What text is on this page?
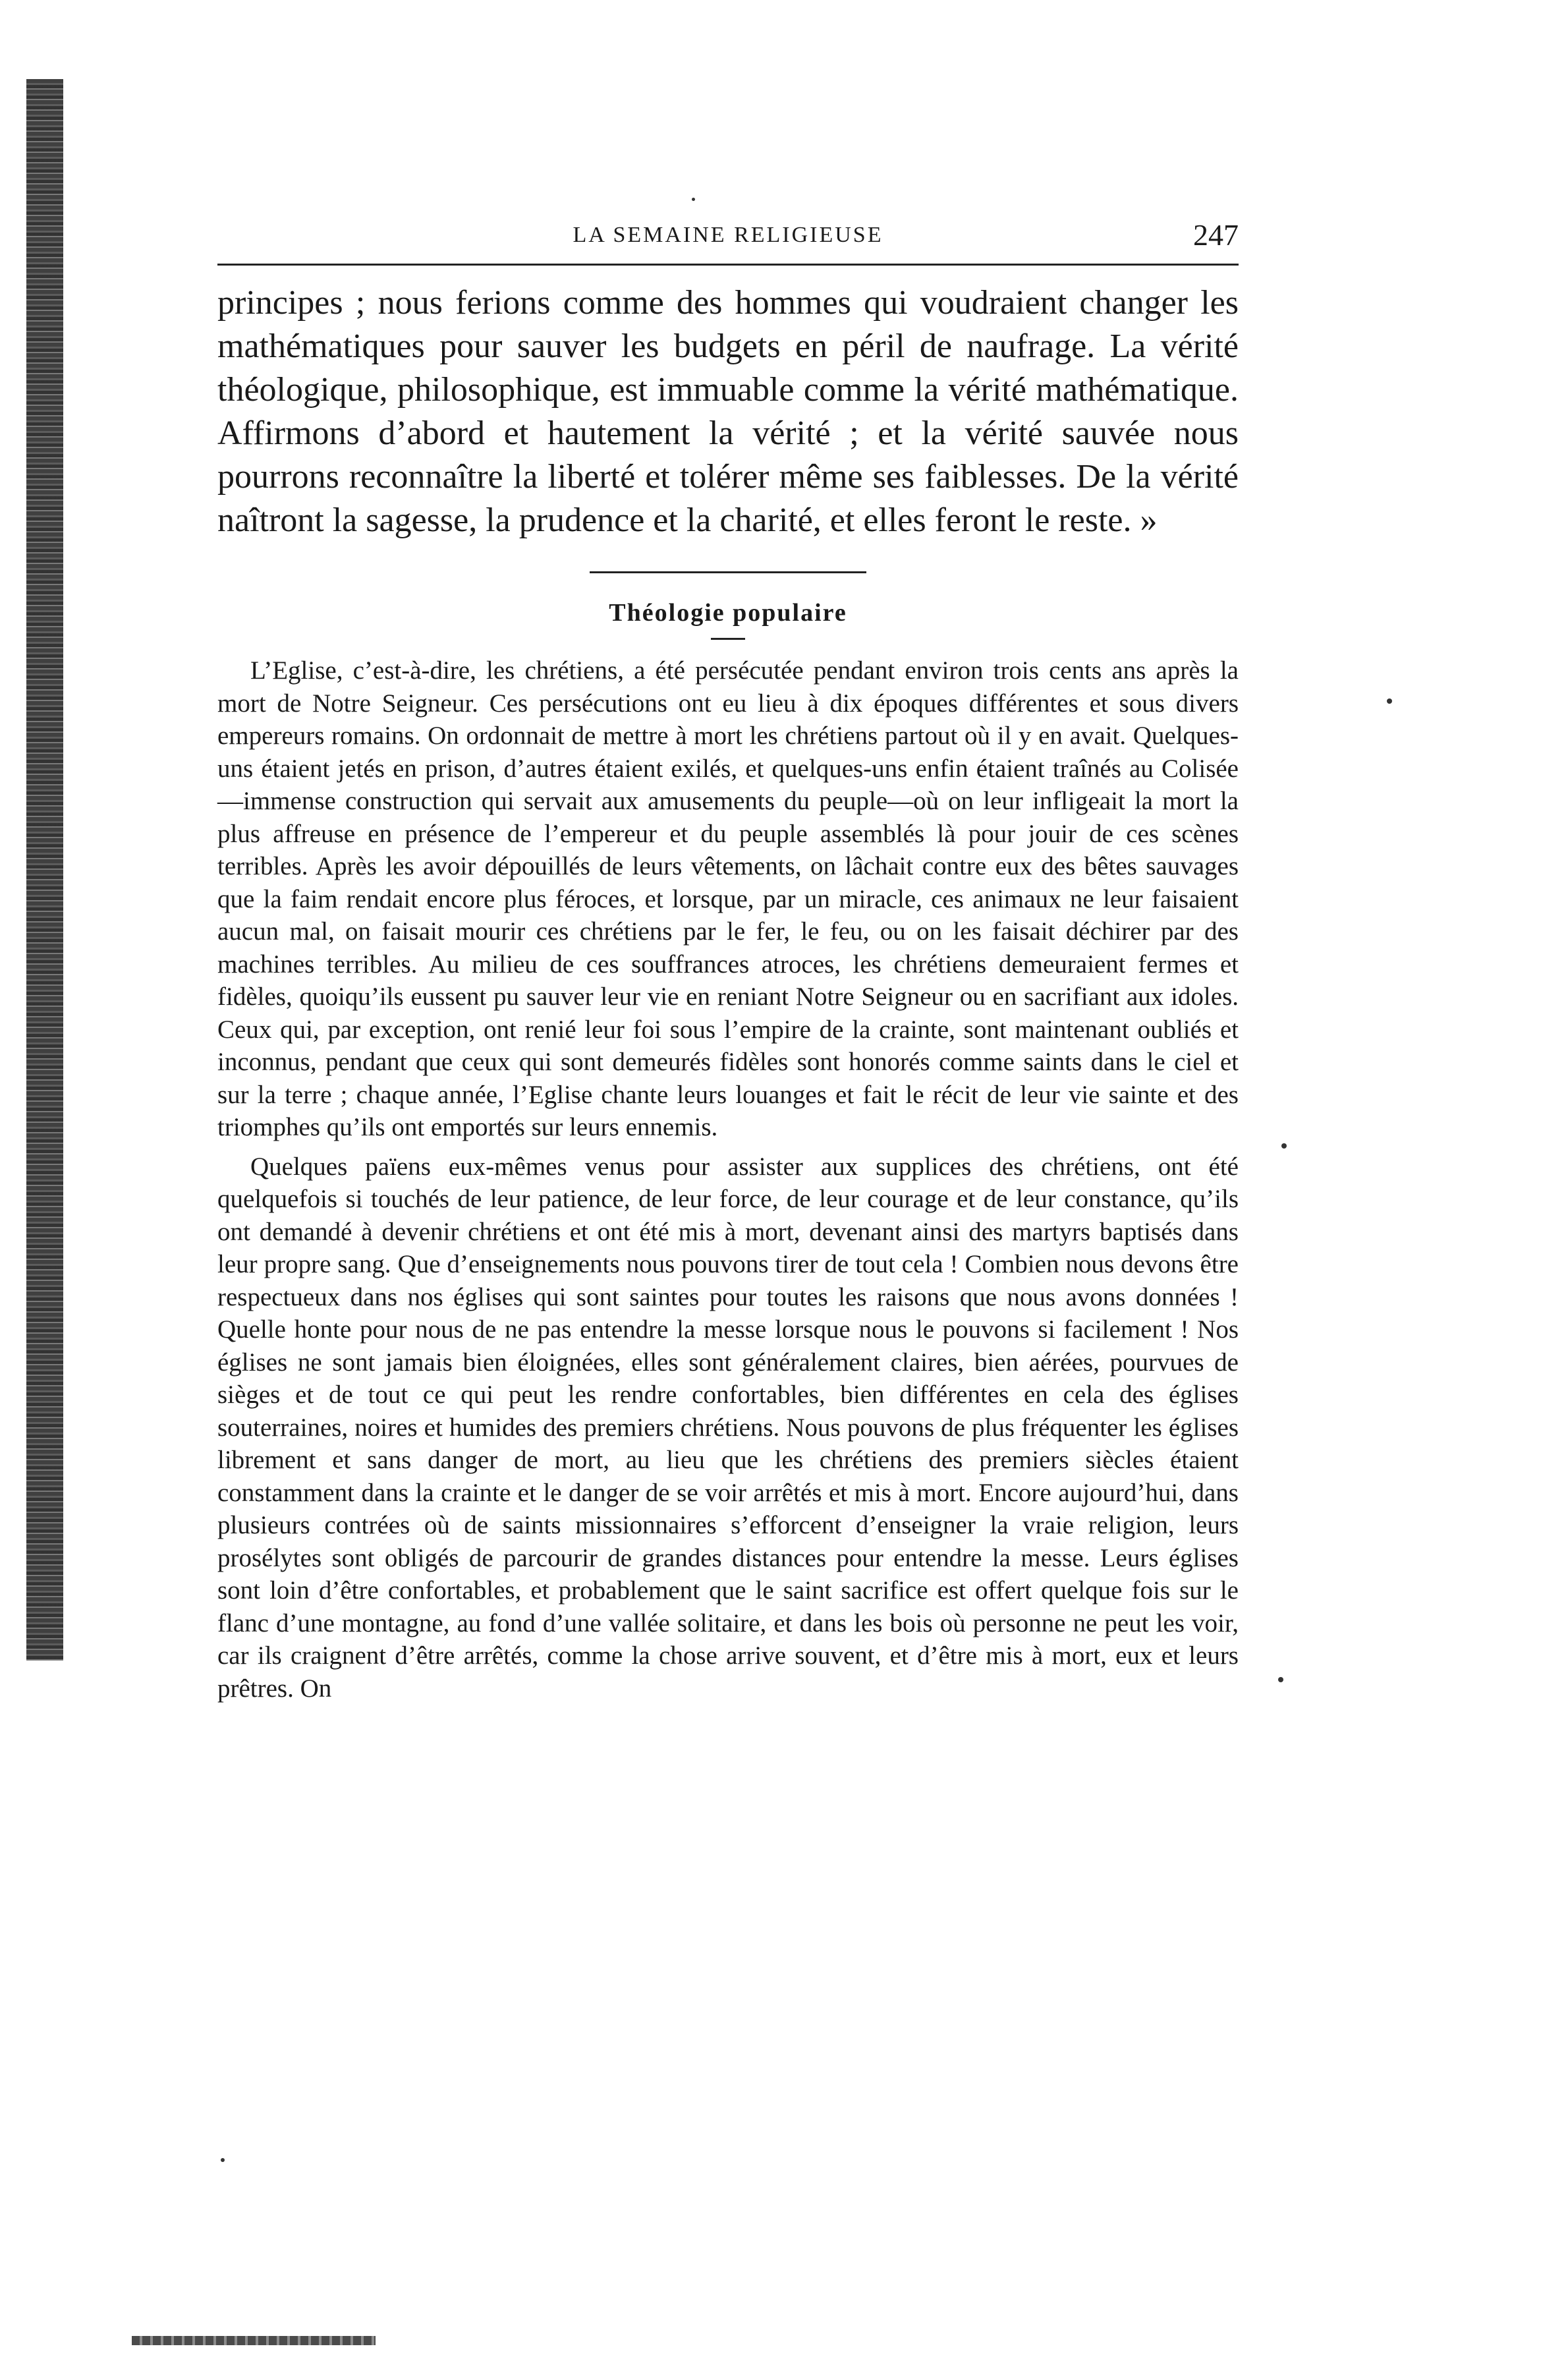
LA SEMAINE RELIGIEUSE	247

principes ; nous ferions comme des hommes qui voudraient changer les mathématiques pour sauver les budgets en péril de naufrage. La vérité théologique, philosophique, est immuable comme la vérité mathématique. Affirmons d’abord et hautement la vérité ; et la vérité sauvée nous pourrons reconnaître la liberté et tolérer même ses faiblesses. De la vérité naîtront la sagesse, la prudence et la charité, et elles feront le reste. »

Théologie populaire

L’Eglise, c’est-à-dire, les chrétiens, a été persécutée pendant environ trois cents ans après la mort de Notre Seigneur. Ces persécutions ont eu lieu à dix époques différentes et sous divers empereurs romains. On ordonnait de mettre à mort les chrétiens partout où il y en avait. Quelques-uns étaient jetés en prison, d’autres étaient exilés, et quelques-uns enfin étaient traînés au Colisée—immense construction qui servait aux amusements du peuple—où on leur infligeait la mort la plus affreuse en présence de l’empereur et du peuple assemblés là pour jouir de ces scènes terribles. Après les avoir dépouillés de leurs vêtements, on lâchait contre eux des bêtes sauvages que la faim rendait encore plus féroces, et lorsque, par un miracle, ces animaux ne leur faisaient aucun mal, on faisait mourir ces chrétiens par le fer, le feu, ou on les faisait déchirer par des machines terribles. Au milieu de ces souffrances atroces, les chrétiens demeuraient fermes et fidèles, quoiqu’ils eussent pu sauver leur vie en reniant Notre Seigneur ou en sacrifiant aux idoles. Ceux qui, par exception, ont renié leur foi sous l’empire de la crainte, sont maintenant oubliés et inconnus, pendant que ceux qui sont demeurés fidèles sont honorés comme saints dans le ciel et sur la terre ; chaque année, l’Eglise chante leurs louanges et fait le récit de leur vie sainte et des triomphes qu’ils ont emportés sur leurs ennemis.

Quelques païens eux-mêmes venus pour assister aux supplices des chrétiens, ont été quelquefois si touchés de leur patience, de leur force, de leur courage et de leur constance, qu’ils ont demandé à devenir chrétiens et ont été mis à mort, devenant ainsi des martyrs baptisés dans leur propre sang. Que d’enseignements nous pouvons tirer de tout cela ! Combien nous devons être respectueux dans nos églises qui sont saintes pour toutes les raisons que nous avons données ! Quelle honte pour nous de ne pas entendre la messe lorsque nous le pouvons si facilement ! Nos églises ne sont jamais bien éloignées, elles sont généralement claires, bien aérées, pourvues de sièges et de tout ce qui peut les rendre confortables, bien différentes en cela des églises souterraines, noires et humides des premiers chrétiens. Nous pouvons de plus fréquenter les églises librement et sans danger de mort, au lieu que les chrétiens des premiers siècles étaient constamment dans la crainte et le danger de se voir arrêtés et mis à mort. Encore aujourd’hui, dans plusieurs contrées où de saints missionnaires s’efforcent d’enseigner la vraie religion, leurs prosélytes sont obligés de parcourir de grandes distances pour entendre la messe. Leurs églises sont loin d’être confortables, et probablement que le saint sacrifice est offert quelque fois sur le flanc d’une montagne, au fond d’une vallée solitaire, et dans les bois où personne ne peut les voir, car ils craignent d’être arrêtés, comme la chose arrive souvent, et d’être mis à mort, eux et leurs prêtres. On
